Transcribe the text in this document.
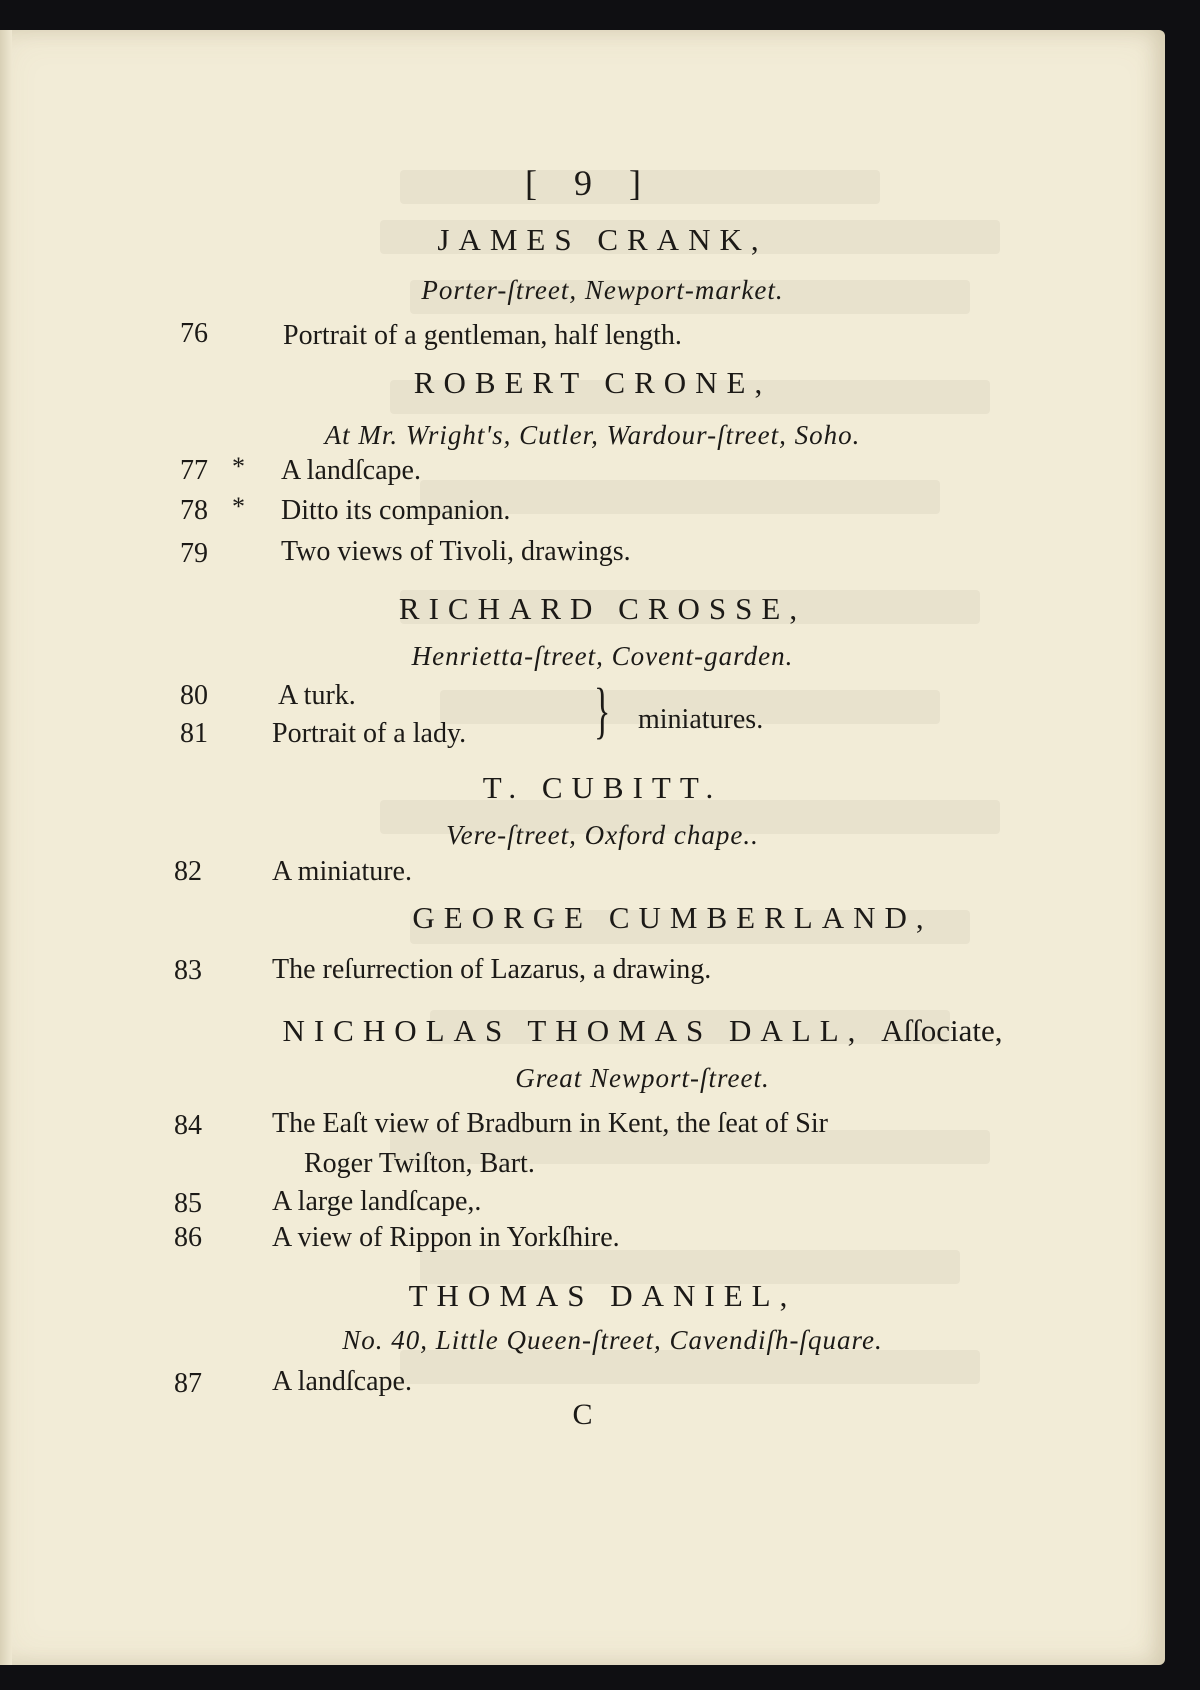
[ 9 ]
JAMES CRANK,
Porter-ſtreet, Newport-market.
76	Portrait of a gentleman, half length.
ROBERT CRONE,
At Mr. Wright's, Cutler, Wardour-ſtreet, Soho.
77 * A landſcape.
78 * Ditto its companion.
79	Two views of Tivoli, drawings.
RICHARD CROSSE,
Henrietta-ſtreet, Covent-garden.
80	A turk.
81	Portrait of a lady. } miniatures.
T. CUBITT.
Vere-ſtreet, Oxford chape..
82	A miniature.
GEORGE CUMBERLAND,
83	The reſurrection of Lazarus, a drawing.
NICHOLAS THOMAS DALL, Aſſociate,
Great Newport-ſtreet.
84	The Eaſt view of Bradburn in Kent, the ſeat of Sir
Roger Twiſton, Bart.
85	A large landſcape,.
86	A view of Rippon in Yorkſhire.
THOMAS DANIEL,
No. 40, Little Queen-ſtreet, Cavendiſh-ſquare.
87	A landſcape.
C
